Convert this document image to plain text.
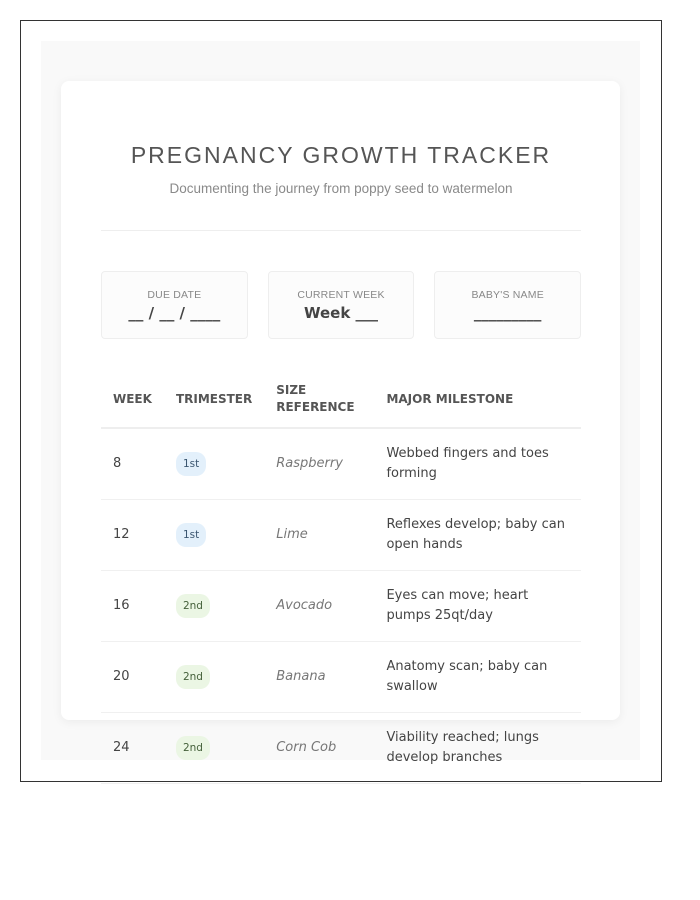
PREGNANCY GROWTH TRACKER

Documenting the journey from poppy seed to watermelon

DUE DATE
__ / __ / ____
CURRENT WEEK
Week ___
BABY'S NAME
_________
WEEK	TRIMESTER	SIZE REFERENCE	MAJOR MILESTONE
8	1st	Raspberry	Webbed fingers and toes forming
12	1st	Lime	Reflexes develop; baby can open hands
16	2nd	Avocado	Eyes can move; heart pumps 25qt/day
20	2nd	Banana	Anatomy scan; baby can swallow
24	2nd	Corn Cob	Viability reached; lungs develop branches
